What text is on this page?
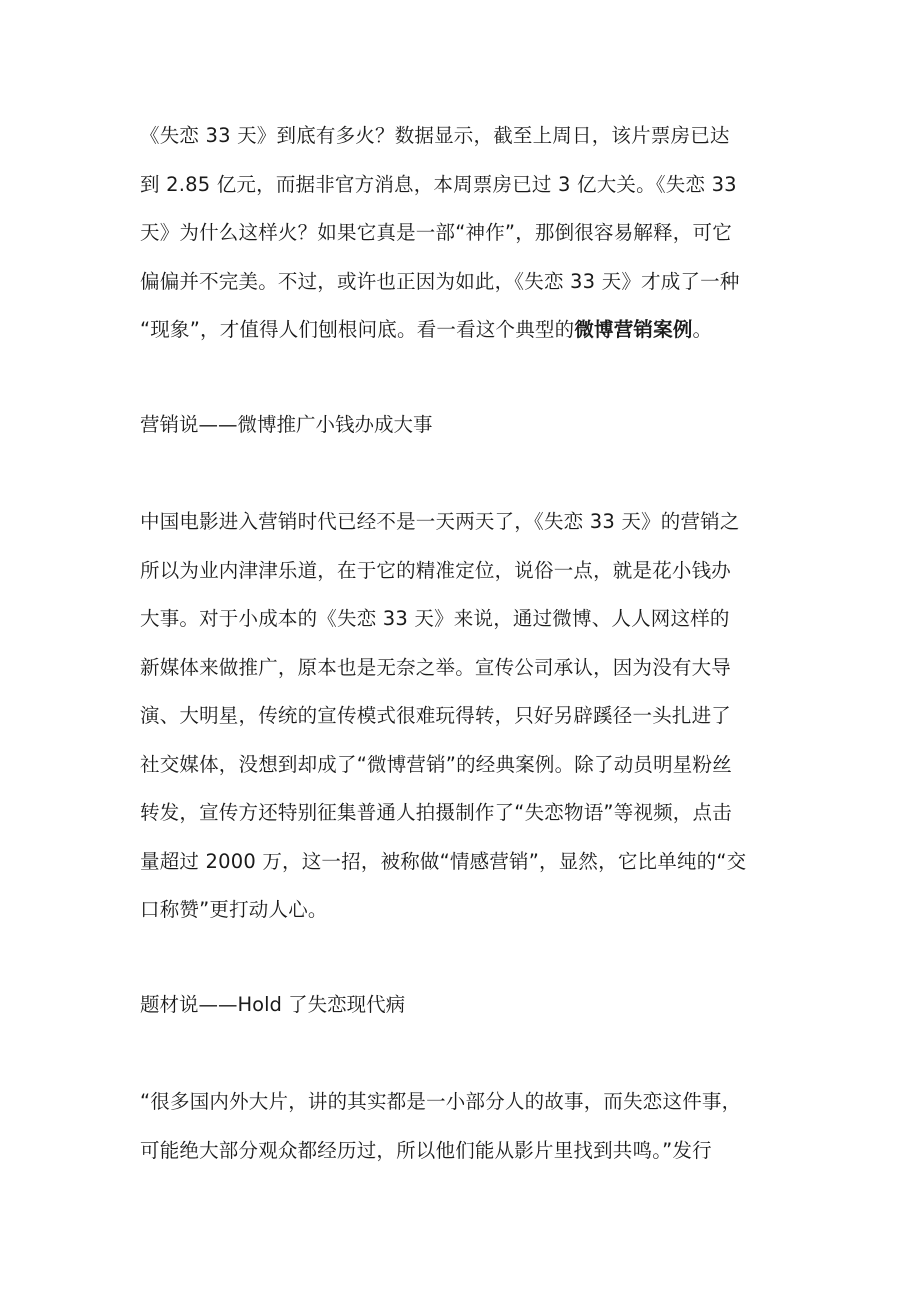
《失恋 33 天》到底有多火？数据显示，截至上周日，该片票房已达
到 2.85 亿元，而据非官方消息，本周票房已过 3 亿大关。《失恋 33
天》为什么这样火？如果它真是一部“神作”，那倒很容易解释，可它
偏偏并不完美。不过，或许也正因为如此，《失恋 33 天》才成了一种
“现象”，才值得人们刨根问底。看一看这个典型的微博营销案例。
营销说——微博推广小钱办成大事
中国电影进入营销时代已经不是一天两天了，《失恋 33 天》的营销之
所以为业内津津乐道，在于它的精准定位，说俗一点，就是花小钱办
大事。对于小成本的《失恋 33 天》来说，通过微博、人人网这样的
新媒体来做推广，原本也是无奈之举。宣传公司承认，因为没有大导
演、大明星，传统的宣传模式很难玩得转，只好另辟蹊径一头扎进了
社交媒体，没想到却成了“微博营销”的经典案例。除了动员明星粉丝
转发，宣传方还特别征集普通人拍摄制作了“失恋物语”等视频，点击
量超过 2000 万，这一招，被称做“情感营销”，显然，它比单纯的“交
口称赞”更打动人心。
题材说——Hold 了失恋现代病
“很多国内外大片，讲的其实都是一小部分人的故事，而失恋这件事，
可能绝大部分观众都经历过，所以他们能从影片里找到共鸣。”发行
